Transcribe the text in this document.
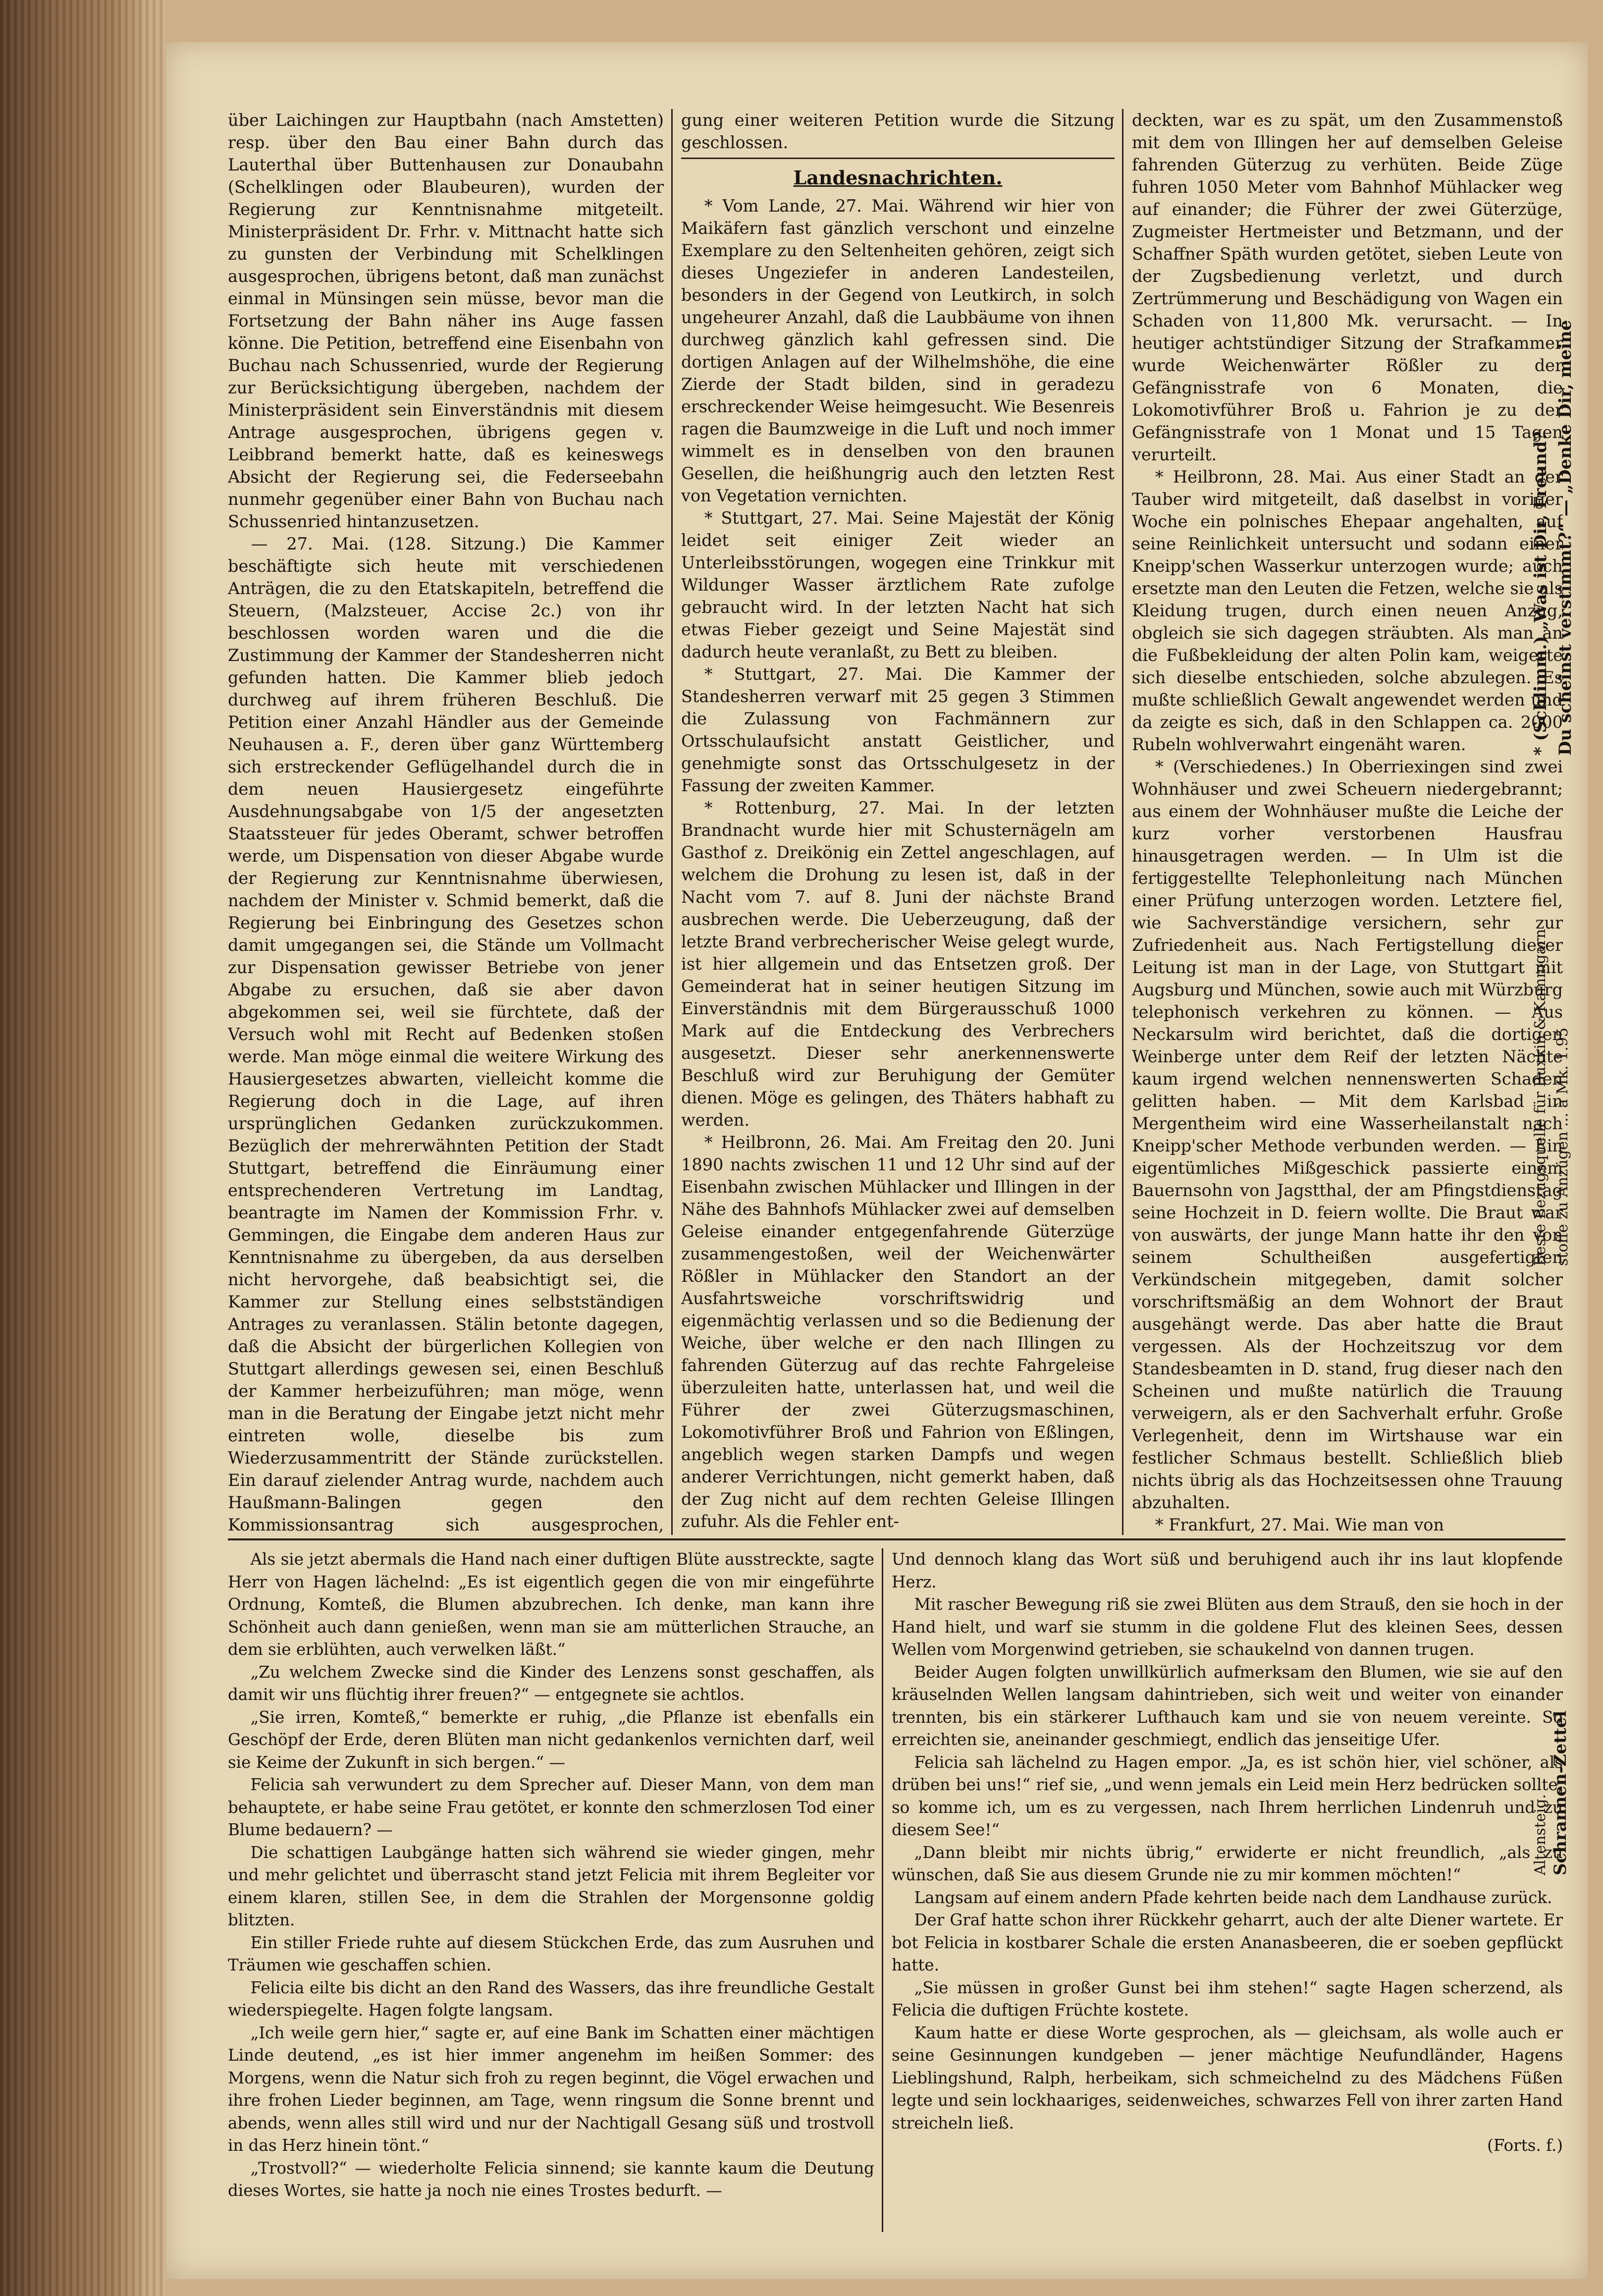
über Laichingen zur Hauptbahn (nach Amstetten) resp. über den Bau einer Bahn durch das Lauterthal über Buttenhausen zur Donaubahn (Schelklingen oder Blaubeuren), wurden der Regierung zur Kenntnisnahme mitgeteilt. Ministerpräsident Dr. Frhr. v. Mittnacht hatte sich zu gunsten der Verbindung mit Schelklingen ausgesprochen, übrigens betont, daß man zunächst einmal in Münsingen sein müsse, bevor man die Fortsetzung der Bahn näher ins Auge fassen könne. Die Petition, betreffend eine Eisenbahn von Buchau nach Schussenried, wurde der Regierung zur Berücksichtigung übergeben, nachdem der Ministerpräsident sein Einverständnis mit diesem Antrage ausgesprochen, übrigens gegen v. Leibbrand bemerkt hatte, daß es keineswegs Absicht der Regierung sei, die Federseebahn nunmehr gegenüber einer Bahn von Buchau nach Schussenried hintanzusetzen.

— 27. Mai. (128. Sitzung.) Die Kammer beschäftigte sich heute mit verschiedenen Anträgen, die zu den Etatskapiteln, betreffend die Steuern, (Malzsteuer, Accise 2c.) von ihr beschlossen worden waren und die die Zustimmung der Kammer der Standesherren nicht gefunden hatten. Die Kammer blieb jedoch durchweg auf ihrem früheren Beschluß. Die Petition einer Anzahl Händler aus der Gemeinde Neuhausen a. F., deren über ganz Württemberg sich erstreckender Geflügelhandel durch die in dem neuen Hausiergesetz eingeführte Ausdehnungsabgabe von 1/5 der angesetzten Staatssteuer für jedes Oberamt, schwer betroffen werde, um Dispensation von dieser Abgabe wurde der Regierung zur Kenntnisnahme überwiesen, nachdem der Minister v. Schmid bemerkt, daß die Regierung bei Einbringung des Gesetzes schon damit umgegangen sei, die Stände um Vollmacht zur Dispensation gewisser Betriebe von jener Abgabe zu ersuchen, daß sie aber davon abgekommen sei, weil sie fürchtete, daß der Versuch wohl mit Recht auf Bedenken stoßen werde. Man möge einmal die weitere Wirkung des Hausiergesetzes abwarten, vielleicht komme die Regierung doch in die Lage, auf ihren ursprünglichen Gedanken zurückzukommen. Bezüglich der mehrerwähnten Petition der Stadt Stuttgart, betreffend die Einräumung einer entsprechenderen Vertretung im Landtag, beantragte im Namen der Kommission Frhr. v. Gemmingen, die Eingabe dem anderen Haus zur Kenntnisnahme zu übergeben, da aus derselben nicht hervorgehe, daß beabsichtigt sei, die Kammer zur Stellung eines selbstständigen Antrages zu veranlassen. Stälin betonte dagegen, daß die Absicht der bürgerlichen Kollegien von Stuttgart allerdings gewesen sei, einen Beschluß der Kammer herbeizuführen; man möge, wenn man in die Beratung der Eingabe jetzt nicht mehr eintreten wolle, dieselbe bis zum Wiederzusammentritt der Stände zurückstellen. Ein darauf zielender Antrag wurde, nachdem auch Haußmann-Balingen gegen den Kommissionsantrag sich ausgesprochen,

gung einer weiteren Petition wurde die Sitzung geschlossen.

Landesnachrichten.

* Vom Lande, 27. Mai. Während wir hier von Maikäfern fast gänzlich verschont und einzelne Exemplare zu den Seltenheiten gehören, zeigt sich dieses Ungeziefer in anderen Landesteilen, besonders in der Gegend von Leutkirch, in solch ungeheurer Anzahl, daß die Laubbäume von ihnen durchweg gänzlich kahl gefressen sind. Die dortigen Anlagen auf der Wilhelmshöhe, die eine Zierde der Stadt bilden, sind in geradezu erschreckender Weise heimgesucht. Wie Besenreis ragen die Baumzweige in die Luft und noch immer wimmelt es in denselben von den braunen Gesellen, die heißhungrig auch den letzten Rest von Vegetation vernichten.

* Stuttgart, 27. Mai. Seine Majestät der König leidet seit einiger Zeit wieder an Unterleibsstörungen, wogegen eine Trinkkur mit Wildunger Wasser ärztlichem Rate zufolge gebraucht wird. In der letzten Nacht hat sich etwas Fieber gezeigt und Seine Majestät sind dadurch heute veranlaßt, zu Bett zu bleiben.

* Stuttgart, 27. Mai. Die Kammer der Standesherren verwarf mit 25 gegen 3 Stimmen die Zulassung von Fachmännern zur Ortsschulaufsicht anstatt Geistlicher, und genehmigte sonst das Ortsschulgesetz in der Fassung der zweiten Kammer.

* Rottenburg, 27. Mai. In der letzten Brandnacht wurde hier mit Schusternägeln am Gasthof z. Dreikönig ein Zettel angeschlagen, auf welchem die Drohung zu lesen ist, daß in der Nacht vom 7. auf 8. Juni der nächste Brand ausbrechen werde. Die Ueberzeugung, daß der letzte Brand verbrecherischer Weise gelegt wurde, ist hier allgemein und das Entsetzen groß. Der Gemeinderat hat in seiner heutigen Sitzung im Einverständnis mit dem Bürgerausschuß 1000 Mark auf die Entdeckung des Verbrechers ausgesetzt. Dieser sehr anerkennenswerte Beschluß wird zur Beruhigung der Gemüter dienen. Möge es gelingen, des Thäters habhaft zu werden.

* Heilbronn, 26. Mai. Am Freitag den 20. Juni 1890 nachts zwischen 11 und 12 Uhr sind auf der Eisenbahn zwischen Mühlacker und Illingen in der Nähe des Bahnhofs Mühlacker zwei auf demselben Geleise einander entgegenfahrende Güterzüge zusammengestoßen, weil der Weichenwärter Rößler in Mühlacker den Standort an der Ausfahrtsweiche vorschriftswidrig und eigenmächtig verlassen und so die Bedienung der Weiche, über welche er den nach Illingen zu fahrenden Güterzug auf das rechte Fahrgeleise überzuleiten hatte, unterlassen hat, und weil die Führer der zwei Güterzugsmaschinen, Lokomotivführer Broß und Fahrion von Eßlingen, angeblich wegen starken Dampfs und wegen anderer Verrichtungen, nicht gemerkt haben, daß der Zug nicht auf dem rechten Geleise Illingen zufuhr. Als die Fehler ent-

deckten, war es zu spät, um den Zusammenstoß mit dem von Illingen her auf demselben Geleise fahrenden Güterzug zu verhüten. Beide Züge fuhren 1050 Meter vom Bahnhof Mühlacker weg auf einander; die Führer der zwei Güterzüge, Zugmeister Hertmeister und Betzmann, und der Schaffner Späth wurden getötet, sieben Leute von der Zugsbedienung verletzt, und durch Zertrümmerung und Beschädigung von Wagen ein Schaden von 11,800 Mk. verursacht. — In heutiger achtstündiger Sitzung der Strafkammer wurde Weichenwärter Rößler zu der Gefängnisstrafe von 6 Monaten, die Lokomotivführer Broß u. Fahrion je zu der Gefängnisstrafe von 1 Monat und 15 Tagen verurteilt.

* Heilbronn, 28. Mai. Aus einer Stadt an der Tauber wird mitgeteilt, daß daselbst in voriger Woche ein polnisches Ehepaar angehalten, auf seine Reinlichkeit untersucht und sodann einer Kneipp'schen Wasserkur unterzogen wurde; auch ersetzte man den Leuten die Fetzen, welche sie als Kleidung trugen, durch einen neuen Anzug, obgleich sie sich dagegen sträubten. Als man an die Fußbekleidung der alten Polin kam, weigerte sich dieselbe entschieden, solche abzulegen. Es mußte schließlich Gewalt angewendet werden und da zeigte es sich, daß in den Schlappen ca. 2000 Rubeln wohlverwahrt eingenäht waren.

* (Verschiedenes.) In Oberriexingen sind zwei Wohnhäuser und zwei Scheuern niedergebrannt; aus einem der Wohnhäuser mußte die Leiche der kurz vorher verstorbenen Hausfrau hinausgetragen werden. — In Ulm ist die fertiggestellte Telephonleitung nach München einer Prüfung unterzogen worden. Letztere fiel, wie Sachverständige versichern, sehr zur Zufriedenheit aus. Nach Fertigstellung dieser Leitung ist man in der Lage, von Stuttgart mit Augsburg und München, sowie auch mit Würzburg telephonisch verkehren zu können. — Aus Neckarsulm wird berichtet, daß die dortigen Weinberge unter dem Reif der letzten Nächte kaum irgend welchen nennenswerten Schaden gelitten haben. — Mit dem Karlsbad in Mergentheim wird eine Wasserheilanstalt nach Kneipp'scher Methode verbunden werden. — Ein eigentümliches Mißgeschick passierte einem Bauernsohn von Jagstthal, der am Pfingstdienstag seine Hochzeit in D. feiern wollte. Die Braut war von auswärts, der junge Mann hatte ihr den von seinem Schultheißen ausgefertigten Verkündschein mitgegeben, damit solcher vorschriftsmäßig an dem Wohnort der Braut ausgehängt werde. Das aber hatte die Braut vergessen. Als der Hochzeitszug vor dem Standesbeamten in D. stand, frug dieser nach den Scheinen und mußte natürlich die Trauung verweigern, als er den Sachverhalt erfuhr. Große Verlegenheit, denn im Wirtshause war ein festlicher Schmaus bestellt. Schließlich blieb nichts übrig als das Hochzeitsessen ohne Trauung abzuhalten.

* Frankfurt, 27. Mai. Wie man von

Als sie jetzt abermals die Hand nach einer duftigen Blüte ausstreckte, sagte Herr von Hagen lächelnd: „Es ist eigentlich gegen die von mir eingeführte Ordnung, Komteß, die Blumen abzubrechen. Ich denke, man kann ihre Schönheit auch dann genießen, wenn man sie am mütterlichen Strauche, an dem sie erblühten, auch verwelken läßt.“

„Zu welchem Zwecke sind die Kinder des Lenzens sonst geschaffen, als damit wir uns flüchtig ihrer freuen?“ — entgegnete sie achtlos.

„Sie irren, Komteß,“ bemerkte er ruhig, „die Pflanze ist ebenfalls ein Geschöpf der Erde, deren Blüten man nicht gedankenlos vernichten darf, weil sie Keime der Zukunft in sich bergen.“ —

Felicia sah verwundert zu dem Sprecher auf. Dieser Mann, von dem man behauptete, er habe seine Frau getötet, er konnte den schmerzlosen Tod einer Blume bedauern? —

Die schattigen Laubgänge hatten sich während sie wieder gingen, mehr und mehr gelichtet und überrascht stand jetzt Felicia mit ihrem Begleiter vor einem klaren, stillen See, in dem die Strahlen der Morgensonne goldig blitzten.

Ein stiller Friede ruhte auf diesem Stückchen Erde, das zum Ausruhen und Träumen wie geschaffen schien.

Felicia eilte bis dicht an den Rand des Wassers, das ihre freundliche Gestalt wiederspiegelte. Hagen folgte langsam.

„Ich weile gern hier,“ sagte er, auf eine Bank im Schatten einer mächtigen Linde deutend, „es ist hier immer angenehm im heißen Sommer: des Morgens, wenn die Natur sich froh zu regen beginnt, die Vögel erwachen und ihre frohen Lieder beginnen, am Tage, wenn ringsum die Sonne brennt und abends, wenn alles still wird und nur der Nachtigall Gesang süß und trostvoll in das Herz hinein tönt.“

„Trostvoll?“ — wiederholte Felicia sinnend; sie kannte kaum die Deutung dieses Wortes, sie hatte ja noch nie eines Trostes bedurft. —

Und dennoch klang das Wort süß und beruhigend auch ihr ins laut klopfende Herz.

Mit rascher Bewegung riß sie zwei Blüten aus dem Strauß, den sie hoch in der Hand hielt, und warf sie stumm in die goldene Flut des kleinen Sees, dessen Wellen vom Morgenwind getrieben, sie schaukelnd von dannen trugen.

Beider Augen folgten unwillkürlich aufmerksam den Blumen, wie sie auf den kräuselnden Wellen langsam dahintrieben, sich weit und weiter von einander trennten, bis ein stärkerer Lufthauch kam und sie von neuem vereinte. So erreichten sie, aneinander geschmiegt, endlich das jenseitige Ufer.

Felicia sah lächelnd zu Hagen empor. „Ja, es ist schön hier, viel schöner, als drüben bei uns!“ rief sie, „und wenn jemals ein Leid mein Herz bedrücken sollte, so komme ich, um es zu vergessen, nach Ihrem herrlichen Lindenruh und zu diesem See!“

„Dann bleibt mir nichts übrig,“ erwiderte er nicht freundlich, „als zu wünschen, daß Sie aus diesem Grunde nie zu mir kommen möchten!“

Langsam auf einem andern Pfade kehrten beide nach dem Landhause zurück.

Der Graf hatte schon ihrer Rückkehr geharrt, auch der alte Diener wartete. Er bot Felicia in kostbarer Schale die ersten Ananasbeeren, die er soeben gepflückt hatte.

„Sie müssen in großer Gunst bei ihm stehen!“ sagte Hagen scherzend, als Felicia die duftigen Früchte kostete.

Kaum hatte er diese Worte gesprochen, als — gleichsam, als wolle auch er seine Gesinnungen kundgeben — jener mächtige Neufundländer, Hagens Lieblingshund, Ralph, herbeikam, sich schmeichelnd zu des Mädchens Füßen legte und sein lockhaariges, seidenweiches, schwarzes Fell von ihrer zarten Hand streicheln ließ.

(Forts. f.)

* (Schlimm.) „Was ist Dir, Freund? Du scheinst verstimmt?“ — „Denke Dir, meine
Beste Bezugsquelle für Buxkin & Kammgarn stoffe zu Anzügen ... à Mk. 1.95
Schrannen-Zettel
Altensteig.
